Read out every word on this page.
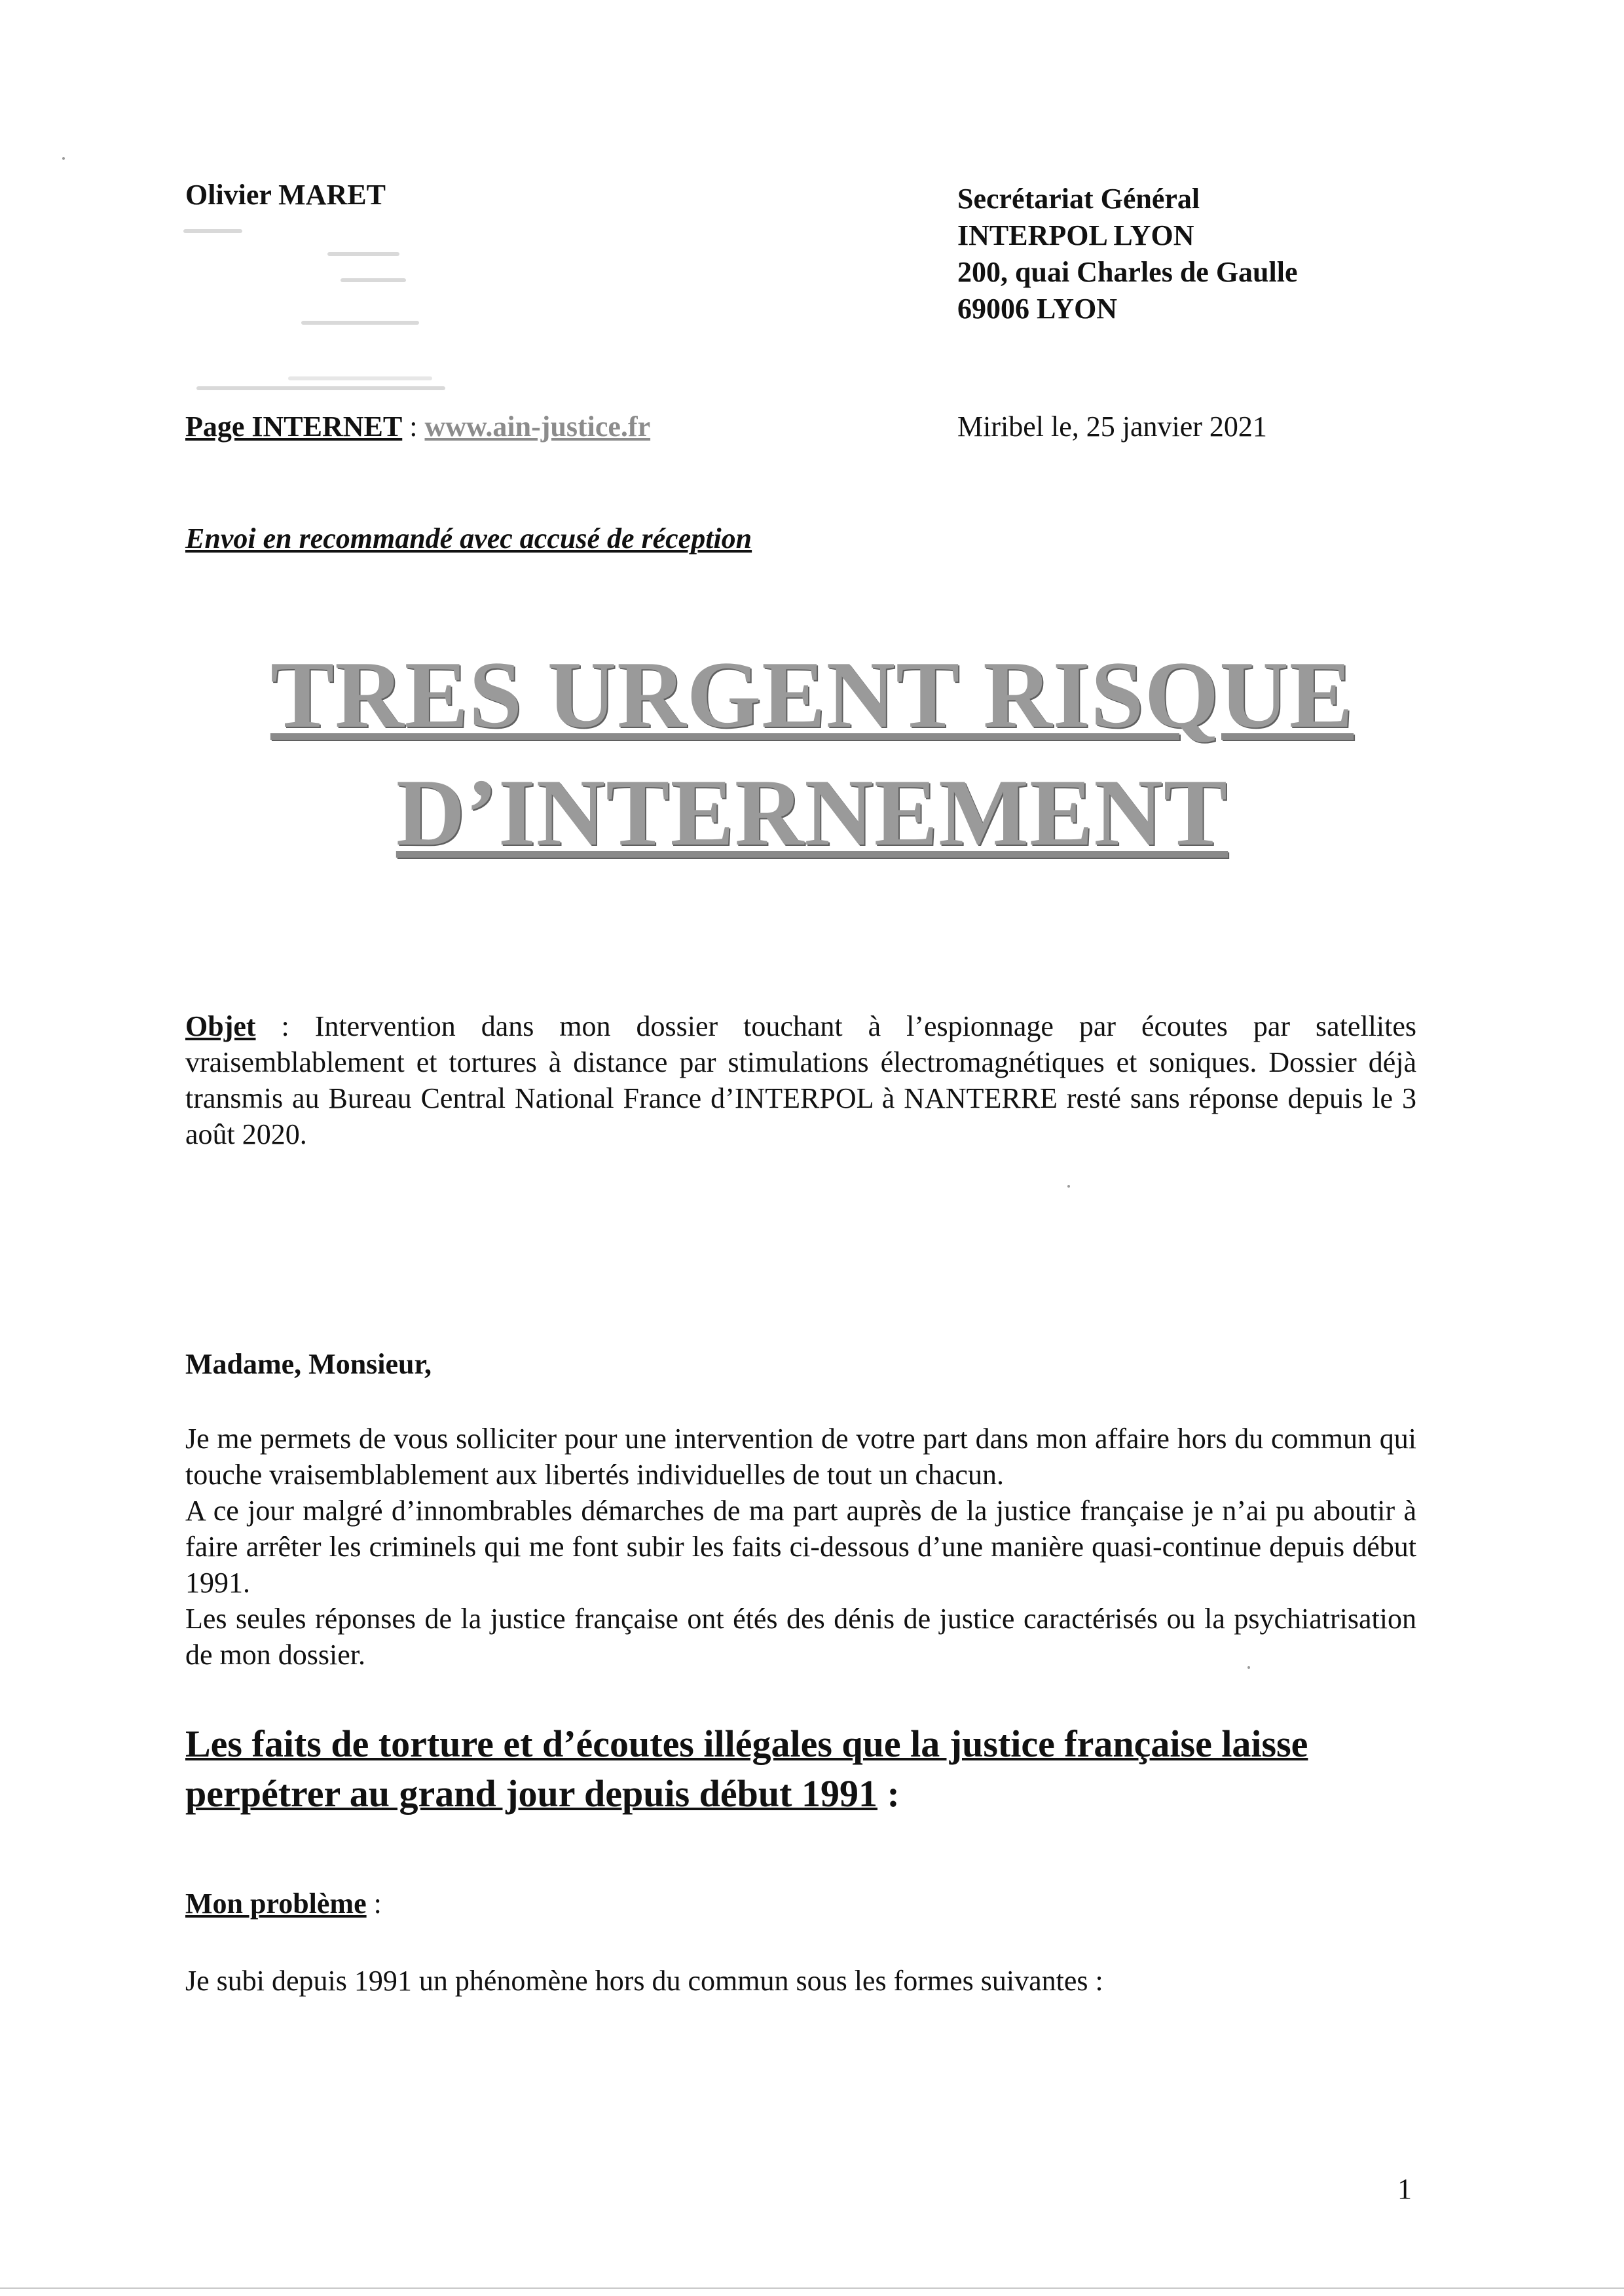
Olivier MARET	Secrétariat Général
INTERPOL LYON
200, quai Charles de Gaulle
69006 LYON
Page INTERNET : www.ain-justice.fr	Miribel le, 25 janvier 2021
Envoi en recommandé avec accusé de réception
TRES URGENT RISQUE
D’INTERNEMENT
Objet : Intervention dans mon dossier touchant à l’espionnage par écoutes par satellites vraisemblablement et tortures à distance par stimulations électromagnétiques et soniques. Dossier déjà transmis au Bureau Central National France d’INTERPOL à NANTERRE resté sans réponse depuis le 3 août 2020.
Madame, Monsieur,
Je me permets de vous solliciter pour une intervention de votre part dans mon affaire hors du commun qui touche vraisemblablement aux libertés individuelles de tout un chacun.
A ce jour malgré d’innombrables démarches de ma part auprès de la justice française je n’ai pu aboutir à faire arrêter les criminels qui me font subir les faits ci-dessous d’une manière quasi-continue depuis début 1991.
Les seules réponses de la justice française ont étés des dénis de justice caractérisés ou la psychiatrisation de mon dossier.
Les faits de torture et d’écoutes illégales que la justice française laisse perpétrer au grand jour depuis début 1991 :
Mon problème :
Je subi depuis 1991 un phénomène hors du commun sous les formes suivantes :
1
